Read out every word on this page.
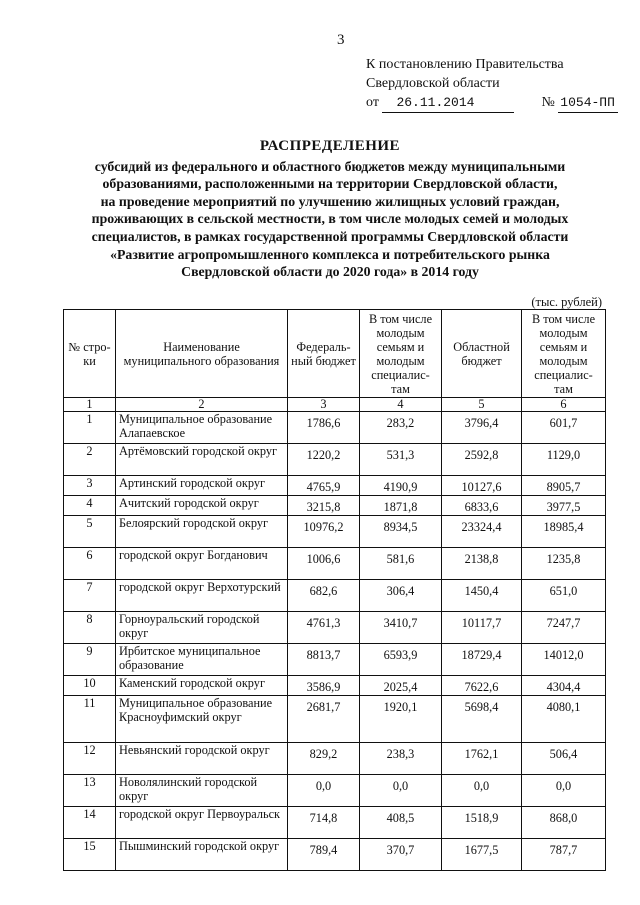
3
К постановлению Правительства
Свердловской области
от 26.11.2014	№ 1054-ПП
РАСПРЕДЕЛЕНИЕ
субсидий из федерального и областного бюджетов между муниципальными
образованиями, расположенными на территории Свердловской области,
на проведение мероприятий по улучшению жилищных условий граждан,
проживающих в сельской местности, в том числе молодых семей и молодых
специалистов, в рамках государственной программы Свердловской области
«Развитие агропромышленного комплекса и потребительского рынка
Свердловской области до 2020 года» в 2014 году
(тыс. рублей)
№ стро- ки	Наименование муниципального образования	Федераль- ный бюджет	В том числе молодым семьям и молодым специалис- там	Областной бюджет	В том числе молодым семьям и молодым специалис- там
1	2	3	4	5	6
1	Муниципальное образование Алапаевское	1786,6	283,2	3796,4	601,7

2	Артёмовский городской округ	1220,2	531,3	2592,8	1129,0

3	Артинский городской округ	4765,9	4190,9	10127,6	8905,7

4	Ачитский городской округ	3215,8	1871,8	6833,6	3977,5

5	Белоярский городской округ	10976,2	8934,5	23324,4	18985,4

6	городской округ Богданович	1006,6	581,6	2138,8	1235,8

7	городской округ Верхотурский	682,6	306,4	1450,4	651,0

8	Горноуральский городской округ	4761,3	3410,7	10117,7	7247,7

9	Ирбитское муниципальное образование	8813,7	6593,9	18729,4	14012,0

10	Каменский городской округ	3586,9	2025,4	7622,6	4304,4

11	Муниципальное образование Красноуфимский округ	2681,7	1920,1	5698,4	4080,1

12	Невьянский городской округ	829,2	238,3	1762,1	506,4

13	Новолялинский городской округ	0,0	0,0	0,0	0,0

14	городской округ Первоуральск	714,8	408,5	1518,9	868,0

15	Пышминский городской округ	789,4	370,7	1677,5	787,7
